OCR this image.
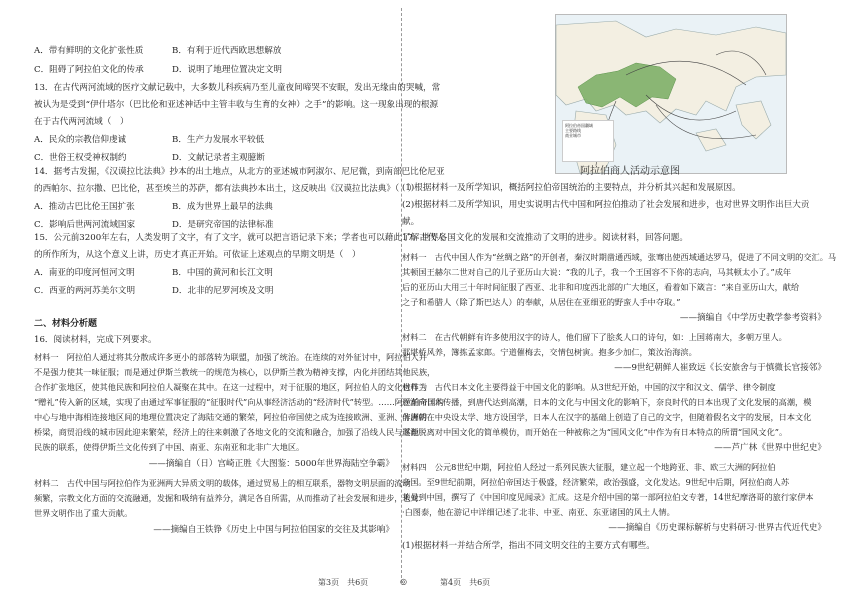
A．带有鲜明的文化扩张性质	B．有利于近代西欧思想解放
C．阻碍了阿拉伯文化的传承	D．说明了地理位置决定文明
13．在古代两河流域的医疗文献记载中，大多数儿科疾病乃至儿童夜间啼哭不安眠，发出无缘由的哭喊，常
被认为是受到“伊什塔尔（巴比伦和亚述神话中主管丰收与生育的女神）之手”的影响。这一现象出现的根源
在于古代两河流域（　）
A．民众的宗教信仰虔诚	B．生产力发展水平较低
C．世俗王权受神权制约	D．文献记录者主观臆断
14．据考古发掘，《汉谟拉比法典》抄本的出土地点，从北方的亚述城市阿淑尔、尼尼微，到南部巴比伦尼亚
的西帕尔、拉尔撒、巴比伦，甚至埃兰的苏萨，都有法典抄本出土，这反映出《汉谟拉比法典》（　）
A．推动古巴比伦王国扩张	B．成为世界上最早的法典
C．影响后世两河流域国家	D．是研究帝国的法律标准
15．公元前3200年左右，人类发明了文字，有了文字，就可以把言语记录下来；学者也可以藉此了解古代人
的所作所为，从这个意义上讲，历史才真正开始。可依证上述观点的早期文明是（　）
A．南亚的印度河恒河文明	B．中国的黄河和长江文明
C．西亚的两河苏美尔文明	D．北非的尼罗河埃及文明
二、材料分析题
16．阅读材料，完成下列要求。
材料一　阿拉伯人通过将其分散成许多更小的部落转为联盟，加强了统治。在连续的对外征讨中，阿拉伯人并
不是强力使其一味征服；而是通过伊斯兰教统一的规范为核心，以伊斯兰教为精神支撑，内化并团结其他民族，
合作扩张地区，使其他民族和阿拉伯人凝聚在其中。在这一过程中，对于征服的地区，阿拉伯人的文化也作为
“赠礼”传入新的区域，实现了由通过军事征服的“征服时代”向从事经济活动的“经济时代”转型。……阿拉伯帝国的
中心与地中海相连接地区间的地理位置决定了海陆交通的繁荣，阿拉伯帝国使之成为连接欧洲、亚洲、非洲的
桥梁，商贸沿线的城市因此迎来繁荣，经济上的往来刺激了各地文化的交流和融合，加强了沿线人民与其他
民族的联系，使得伊斯兰文化传到了中国、南亚、东南亚和北非广大地区。
——摘编自（日）宫崎正胜《大图鉴：5000年世界海陆空争霸》
材料二　古代中国与阿拉伯作为亚洲两大异质文明的载体，通过贸易上的相互联系，器物文明层面的流动
频繁，宗教文化方面的交流融通，发掘和吸纳有益养分，满足各自所需，从而推动了社会发展和进步，也对
世界文明作出了重大贡献。
——摘编自王铁铮《历史上中国与阿拉伯国家的交往及其影响》
阿拉伯帝国疆域
主要路线
商业城市
阿拉伯商人活动示意图
(1)根据材料一及所学知识，概括阿拉伯帝国统治的主要特点，并分析其兴起和发展原因。
(2)根据材料二及所学知识，用史实说明古代中国和阿拉伯推动了社会发展和进步，也对世界文明作出巨大贡
献。
17．世界各国文化的发展和交流推动了文明的进步。阅读材料，回答问题。
材料一　古代中国人作为“丝绸之路”的开创者，秦汉时期凿通西域，张骞出使西域通达罗马，促进了不同文明的交汇。马
其顿国王赫尔二世对自己的儿子亚历山大说：“我的儿子，我一个王国容不下你的志向，马其顿太小了。”成年
后的亚历山大用三十年时间征服了西亚、北非和印度西北部的广大地区，看着如下箴言：“来自亚历山大，献给
之子和希腊人（除了斯巴达人）的奉献，从居住在亚细亚的野蛮人手中夺取。”
——摘编自《中学历史教学参考资料》
材料二　在古代朝鲜有许多使用汉字的诗人，他们留下了脍炙人口的诗句，如：上国蒋南大，多朝万里人。
那堪桥风养，簿拣孟家郎。宁道催梅去，交情包树寅。抱多少加仁，策汝治海滨。
——9世纪朝鲜人崔致远《长安旅舍与于慎微长官接邻》
材料三　古代日本文化主要得益于中国文化的影响。从3世纪开始，中国的汉字和汉文、儒学、律令制度
逐渐向日本传播，到唐代达到高潮，日本的文化与中国文化的影响下，奈良时代的日本出现了文化发展的高潮，模
仿唐朝在中央设太学、地方设国学，日本人在汉字的基础上创造了自己的文字，但随着假名文字的发展，日本文化
逐渐脱离对中国文化的简单模仿，而开始在一种被称之为“国风文化”中作为有日本特点的所谓“国风文化”。
——芦广林《世界中世纪史》
材料四　公元8世纪中期，阿拉伯人经过一系列民族大征服，建立起一个地跨亚、非、欧三大洲的阿拉伯
帝国。至9世纪前期，阿拉伯帝国达于极盛，经济繁荣，政治强盛，文化发达。9世纪中后期，阿拉伯商人苏
莱曼到中国，撰写了《中国印度见闻录》汇成。这是介绍中国的第一部阿拉伯文专著，14世纪摩洛哥的旅行家伊本
·白图泰，他在游记中详细记述了北非、中亚、南亚、东亚诸国的风土人情。
——摘编自《历史课标解析与史料研习·世界古代近代史》
(1)根据材料一并结合所学，指出不同文明交往的主要方式有哪些。
第3页　共6页	◎	第4页　共6页
